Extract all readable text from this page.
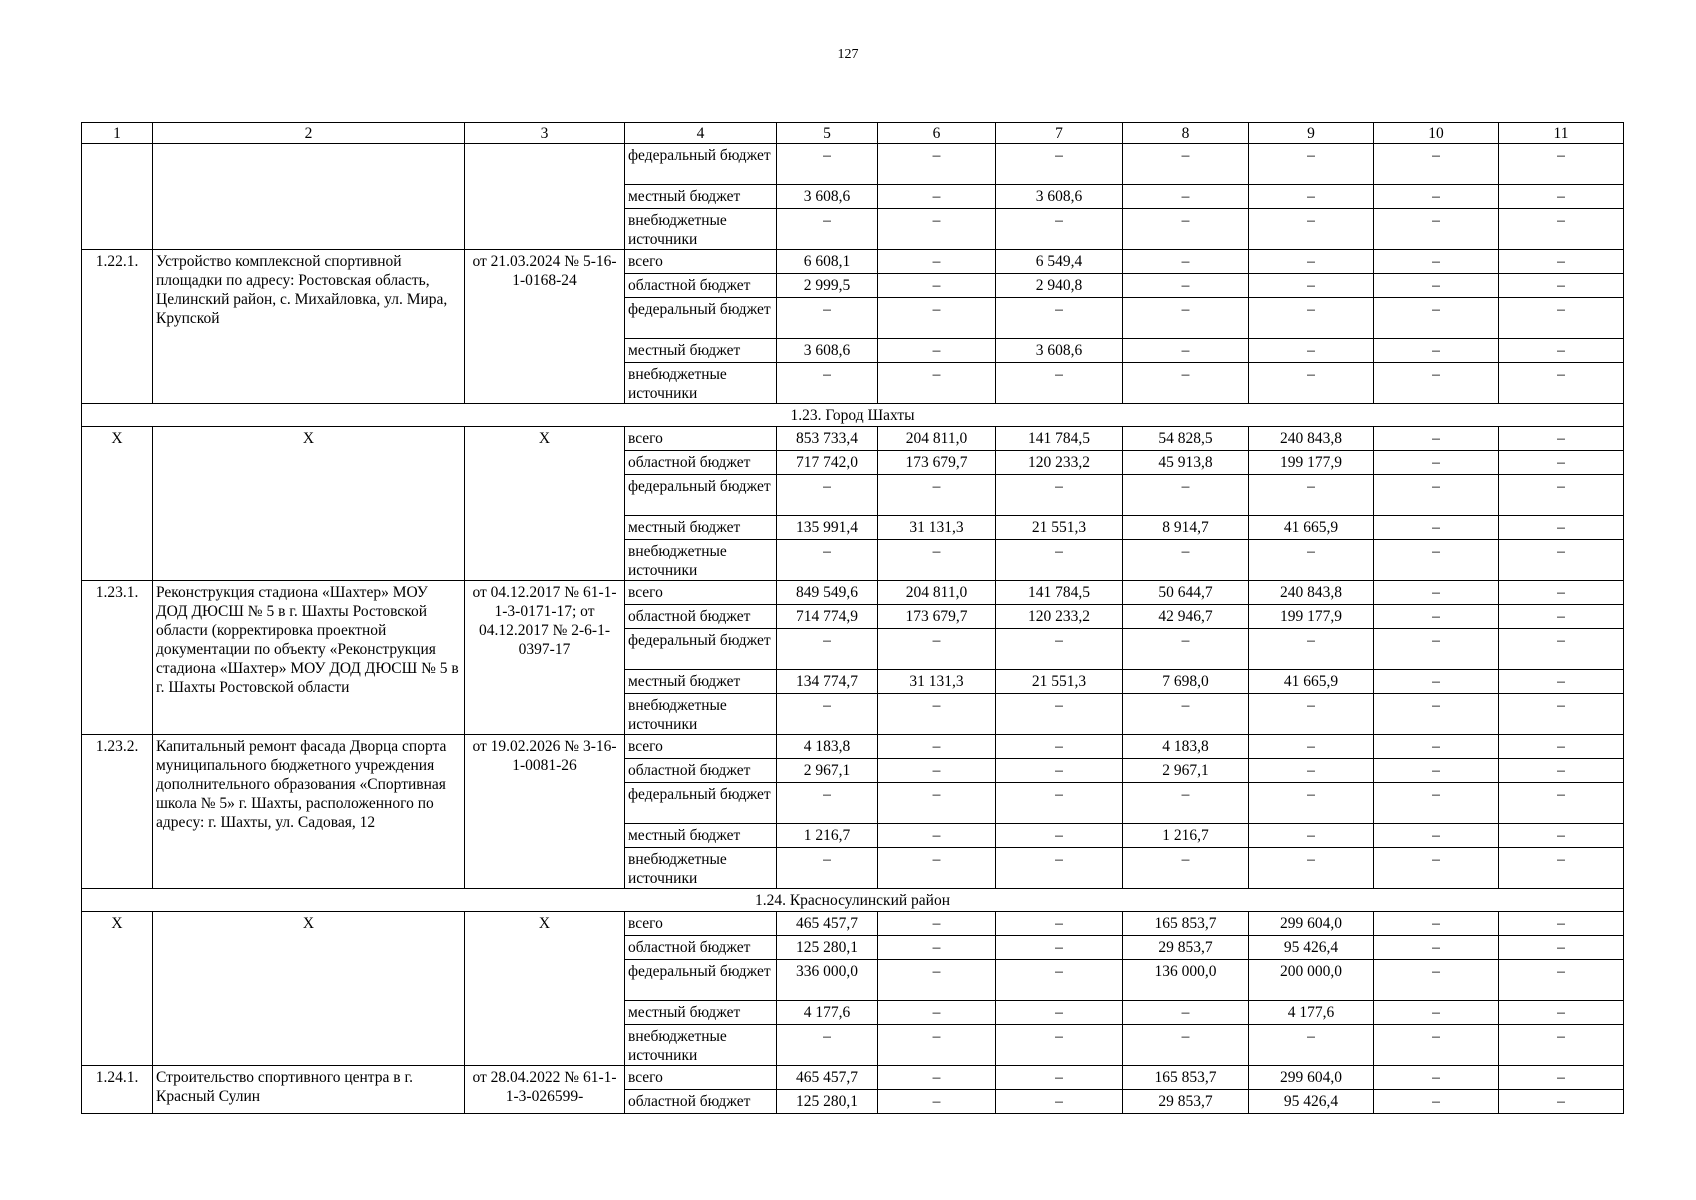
127
1	2	3	4	5	6	7	8	9	10	11
			федеральный бюджет	–	–	–	–	–	–	–
			местный бюджет	3 608,6	–	3 608,6	–	–	–	–
			внебюджетные источники	–	–	–	–	–	–	–
1.22.1.	Устройство комплексной спортивной площадки по адресу: Ростовская область, Целинский район, с. Михайловка, ул. Мира, Крупской	от 21.03.2024 № 5-16-1-0168-24	всего	6 608,1	–	6 549,4	–	–	–	–
			областной бюджет	2 999,5	–	2 940,8	–	–	–	–
			федеральный бюджет	–	–	–	–	–	–	–
			местный бюджет	3 608,6	–	3 608,6	–	–	–	–
			внебюджетные источники	–	–	–	–	–	–	–
1.23. Город Шахты										
Х	Х	Х	всего	853 733,4	204 811,0	141 784,5	54 828,5	240 843,8	–	–
			областной бюджет	717 742,0	173 679,7	120 233,2	45 913,8	199 177,9	–	–
			федеральный бюджет	–	–	–	–	–	–	–
			местный бюджет	135 991,4	31 131,3	21 551,3	8 914,7	41 665,9	–	–
			внебюджетные источники	–	–	–	–	–	–	–
1.23.1.	Реконструкция стадиона «Шахтер» МОУ ДОД ДЮСШ № 5 в г. Шахты Ростовской области (корректировка проектной документации по объекту «Реконструкция стадиона «Шахтер» МОУ ДОД ДЮСШ № 5 в г. Шахты Ростовской области	от 04.12.2017 № 61-1-1-3-0171-17; от 04.12.2017 № 2-6-1-0397-17	всего	849 549,6	204 811,0	141 784,5	50 644,7	240 843,8	–	–
			областной бюджет	714 774,9	173 679,7	120 233,2	42 946,7	199 177,9	–	–
			федеральный бюджет	–	–	–	–	–	–	–
			местный бюджет	134 774,7	31 131,3	21 551,3	7 698,0	41 665,9	–	–
			внебюджетные источники	–	–	–	–	–	–	–
1.23.2.	Капитальный ремонт фасада Дворца спорта муниципального бюджетного учреждения дополнительного образования «Спортивная школа № 5» г. Шахты, расположенного по адресу: г. Шахты, ул. Садовая, 12	от 19.02.2026 № 3-16-1-0081-26	всего	4 183,8	–	–	4 183,8	–	–	–
			областной бюджет	2 967,1	–	–	2 967,1	–	–	–
			федеральный бюджет	–	–	–	–	–	–	–
			местный бюджет	1 216,7	–	–	1 216,7	–	–	–
			внебюджетные источники	–	–	–	–	–	–	–
1.24. Красносулинский район										
Х	Х	Х	всего	465 457,7	–	–	165 853,7	299 604,0	–	–
			областной бюджет	125 280,1	–	–	29 853,7	95 426,4	–	–
			федеральный бюджет	336 000,0	–	–	136 000,0	200 000,0	–	–
			местный бюджет	4 177,6	–	–	–	4 177,6	–	–
			внебюджетные источники	–	–	–	–	–	–	–
1.24.1.	Строительство спортивного центра в г. Красный Сулин	от 28.04.2022 № 61-1-1-3-026599-	всего	465 457,7	–	–	165 853,7	299 604,0	–	–
			областной бюджет	125 280,1	–	–	29 853,7	95 426,4	–	–
